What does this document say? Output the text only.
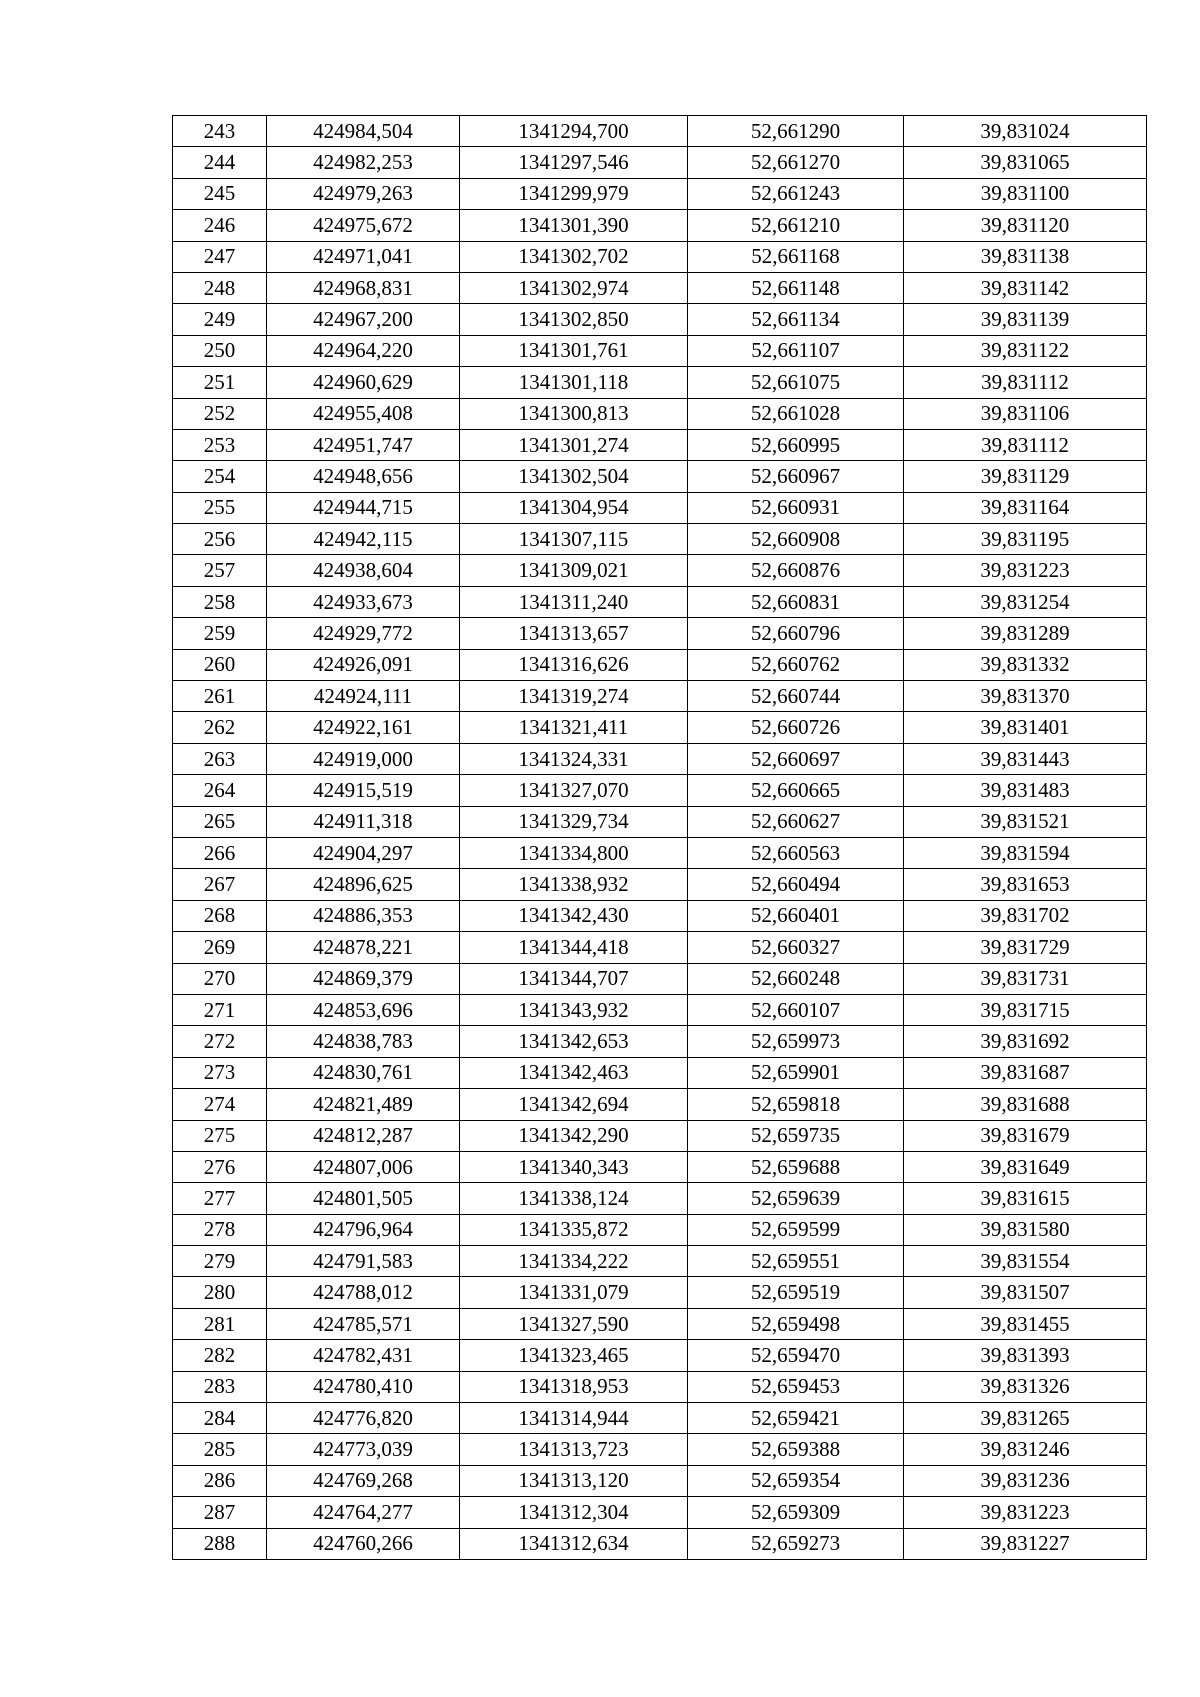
243	424984,504	1341294,700	52,661290	39,831024
244	424982,253	1341297,546	52,661270	39,831065
245	424979,263	1341299,979	52,661243	39,831100
246	424975,672	1341301,390	52,661210	39,831120
247	424971,041	1341302,702	52,661168	39,831138
248	424968,831	1341302,974	52,661148	39,831142
249	424967,200	1341302,850	52,661134	39,831139
250	424964,220	1341301,761	52,661107	39,831122
251	424960,629	1341301,118	52,661075	39,831112
252	424955,408	1341300,813	52,661028	39,831106
253	424951,747	1341301,274	52,660995	39,831112
254	424948,656	1341302,504	52,660967	39,831129
255	424944,715	1341304,954	52,660931	39,831164
256	424942,115	1341307,115	52,660908	39,831195
257	424938,604	1341309,021	52,660876	39,831223
258	424933,673	1341311,240	52,660831	39,831254
259	424929,772	1341313,657	52,660796	39,831289
260	424926,091	1341316,626	52,660762	39,831332
261	424924,111	1341319,274	52,660744	39,831370
262	424922,161	1341321,411	52,660726	39,831401
263	424919,000	1341324,331	52,660697	39,831443
264	424915,519	1341327,070	52,660665	39,831483
265	424911,318	1341329,734	52,660627	39,831521
266	424904,297	1341334,800	52,660563	39,831594
267	424896,625	1341338,932	52,660494	39,831653
268	424886,353	1341342,430	52,660401	39,831702
269	424878,221	1341344,418	52,660327	39,831729
270	424869,379	1341344,707	52,660248	39,831731
271	424853,696	1341343,932	52,660107	39,831715
272	424838,783	1341342,653	52,659973	39,831692
273	424830,761	1341342,463	52,659901	39,831687
274	424821,489	1341342,694	52,659818	39,831688
275	424812,287	1341342,290	52,659735	39,831679
276	424807,006	1341340,343	52,659688	39,831649
277	424801,505	1341338,124	52,659639	39,831615
278	424796,964	1341335,872	52,659599	39,831580
279	424791,583	1341334,222	52,659551	39,831554
280	424788,012	1341331,079	52,659519	39,831507
281	424785,571	1341327,590	52,659498	39,831455
282	424782,431	1341323,465	52,659470	39,831393
283	424780,410	1341318,953	52,659453	39,831326
284	424776,820	1341314,944	52,659421	39,831265
285	424773,039	1341313,723	52,659388	39,831246
286	424769,268	1341313,120	52,659354	39,831236
287	424764,277	1341312,304	52,659309	39,831223
288	424760,266	1341312,634	52,659273	39,831227
